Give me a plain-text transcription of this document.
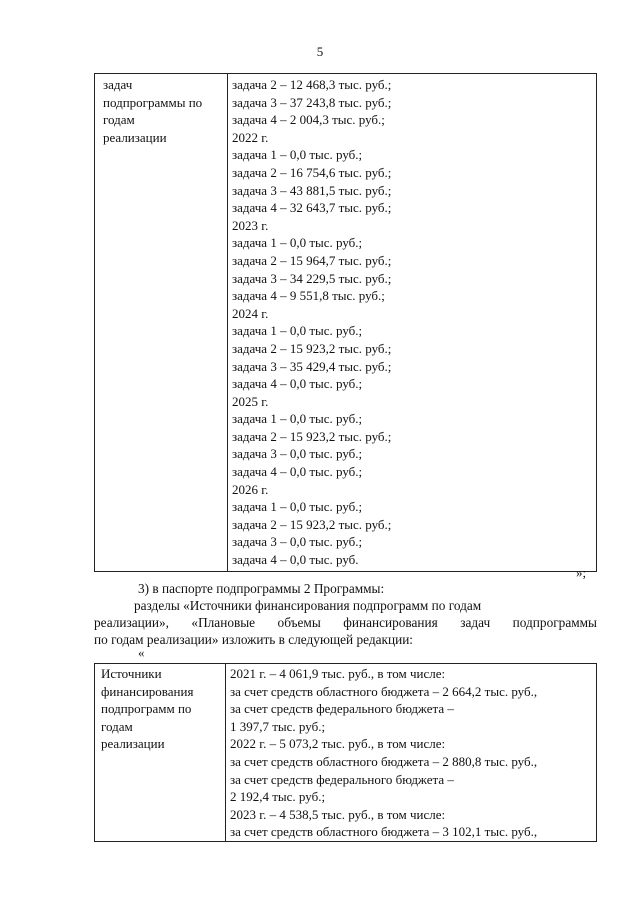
5
задач
подпрограммы по
годам
реализации

задача 2 – 12 468,3 тыс. руб.;
задача 3 – 37 243,8 тыс. руб.;
задача 4 – 2 004,3 тыс. руб.;
2022 г.
задача 1 – 0,0 тыс. руб.;
задача 2 – 16 754,6 тыс. руб.;
задача 3 – 43 881,5 тыс. руб.;
задача 4 – 32 643,7 тыс. руб.;
2023 г.
задача 1 – 0,0 тыс. руб.;
задача 2 – 15 964,7 тыс. руб.;
задача 3 – 34 229,5 тыс. руб.;
задача 4 – 9 551,8 тыс. руб.;
2024 г.
задача 1 – 0,0 тыс. руб.;
задача 2 – 15 923,2 тыс. руб.;
задача 3 – 35 429,4 тыс. руб.;
задача 4 – 0,0 тыс. руб.;
2025 г.
задача 1 – 0,0 тыс. руб.;
задача 2 – 15 923,2 тыс. руб.;
задача 3 – 0,0 тыс. руб.;
задача 4 – 0,0 тыс. руб.;
2026 г.
задача 1 – 0,0 тыс. руб.;
задача 2 – 15 923,2 тыс. руб.;
задача 3 – 0,0 тыс. руб.;
задача 4 – 0,0 тыс. руб.
»;
3) в паспорте подпрограммы 2 Программы:
разделы «Источники финансирования подпрограмм по годам
реализации», «Плановые объемы финансирования задач подпрограммы
по годам реализации» изложить в следующей редакции:
«
Источники
финансирования
подпрограмм по
годам
реализации

2021 г. – 4 061,9 тыс. руб., в том числе:
за счет средств областного бюджета – 2 664,2 тыс. руб.,
за счет средств федерального бюджета –
1 397,7 тыс. руб.;
2022 г. – 5 073,2 тыс. руб., в том числе:
за счет средств областного бюджета – 2 880,8 тыс. руб.,
за счет средств федерального бюджета –
2 192,4 тыс. руб.;
2023 г. – 4 538,5 тыс. руб., в том числе:
за счет средств областного бюджета – 3 102,1 тыс. руб.,
